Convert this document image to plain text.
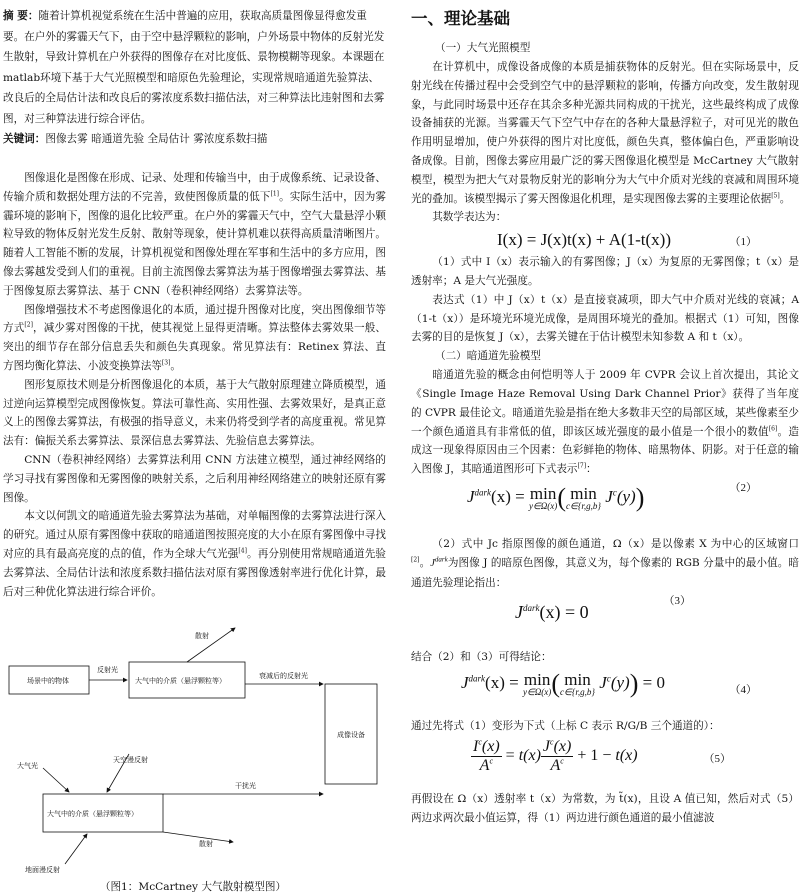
摘 要：随着计算机视觉系统在生活中普遍的应用，获取高质量图像显得愈发重要。在户外的雾霾天气下，由于空中悬浮颗粒的影响，户外场景中物体的反射光发生散射，导致计算机在户外获得的图像存在对比度低、景物模糊等现象。本课题在matlab环境下基于大气光照模型和暗原色先验理论，实现常规暗通道先验算法、改良后的全局估计法和改良后的雾浓度系数扫描估法，对三种算法比违射图和去雾图，对三种算法进行综合评估。

关键词：图像去雾 暗通道先验 全局估计 雾浓度系数扫描

图像退化是图像在形成、记录、处理和传输当中，由于成像系统、记录设备、传输介质和数据处理方法的不完善，致使图像质量的低下[1]。实际生活中，因为雾霾环境的影响下，图像的退化比较严重。在户外的雾霾天气中，空气大量悬浮小颗粒导致的物体反射光发生反射、散射等现象，使计算机难以获得高质量清晰图片。随着人工智能不断的发展，计算机视觉和图像处理在军事和生活中的多方应用，图像去雾越发受到人们的重视。目前主流图像去雾算法为基于图像增强去雾算法、基于图像复原去雾算法、基于 CNN（卷积神经网络）去雾算法等。

图像增强技术不考虑图像退化的本质，通过提升图像对比度，突出图像细节等方式[2]，减少雾对图像的干扰，使其视觉上显得更清晰。算法整体去雾效果一般、突出的细节存在部分信息丢失和颜色失真现象。常见算法有：Retinex 算法、直方图均衡化算法、小波变换算法等[3]。

图形复原技术则是分析图像退化的本质，基于大气散射原理建立降质模型，通过逆向运算模型完成图像恢复。算法可靠性高、实用性强、去雾效果好，是真正意义上的图像去雾算法，有极强的指导意义，未来仍将受到学者的高度重视。常见算法有：偏振关系去雾算法、景深信息去雾算法、先验信息去雾算法。

CNN（卷积神经网络）去雾算法利用 CNN 方法建立模型，通过神经网络的学习寻找有雾图像和无雾图像的映射关系，之后利用神经网络建立的映射还原有雾图像。

本文以何凯文的暗通道先验去雾算法为基础，对单幅图像的去雾算法进行深入的研究。通过从原有雾图像中获取的暗通道图按照亮度的大小在原有雾图像中寻找对应的具有最高亮度的点的值，作为全球大气光强[4]。再分别使用常规暗通道先验去雾算法、全局估计法和浓度系数扫描估法对原有雾图像透射率进行优化计算，最后对三种优化算法进行综合评价。

散射
反射光
场景中的物体	大气中的介质（悬浮颗粒等）
衰减后的反射光
成像设备
天空漫反射
大气光
大气中的介质（悬浮颗粒等）
干扰光
散射
地面漫反射
（图1：McCartney 大气散射模型图）
一、理论基础
（一）大气光照模型

在计算机中，成像设备成像的本质是捕获物体的反射光。但在实际场景中，反射光线在传播过程中会受到空气中的悬浮颗粒的影响，传播方向改变，发生散射现象，与此同时场景中还存在其余多种光源共同构成的干扰光，这些最终构成了成像设备捕获的光源。当雾霾天气下空气中存在的各种大量悬浮粒子，对可见光的散色作用明显增加，使户外获得的图片对比度低，颜色失真，整体偏白色，严重影响设备成像。目前，图像去雾应用最广泛的雾天图像退化模型是 McCartney 大气散射模型，模型为把大气对景物反射光的影响分为大气中介质对光线的衰减和周围环境光的叠加。该模型揭示了雾天图像退化机理，是实现图像去雾的主要理论依据[5]。

其数学表达为：

I(x) = J(x)t(x) + A(1-t(x))	（1）

（1）式中 I（x）表示输入的有雾图像；J（x）为复原的无雾图像；t（x）是透射率；A 是大气光强度。

表达式（1）中 J（x）t（x）是直接衰减项，即大气中介质对光线的衰减；A（1-t（x））是环境光环境光成像，是周围环境光的叠加。根据式（1）可知，图像去雾的目的是恢复 J（x），去雾关键在于估计模型未知参数 A 和 t（x）。

（二）暗通道先验模型

暗通道先验的概念由何恺明等人于 2009 年 CVPR 会议上首次提出，其论文《Single Image Haze Removal Using Dark Channel Prior》获得了当年度的 CVPR 最佳论文。暗通道先验是指在绝大多数非天空的局部区域，某些像素至少一个颜色通道具有非常低的值，即该区域光强度的最小值是一个很小的数值[6]。造成这一现象得原因由三个因素：色彩鲜艳的物体、暗黑物体、阴影。对于任意的输入图像 J，其暗通道图形可下式表示[7]：

$J^{dark}(x) = \min$
y∈Ω(x) ( min
c∈{r,g,b}
$J^c(y)$)	（2）

（2）式中 Jc 指原图像的颜色通道，Ω（x）是以像素 X 为中心的区域窗口[2]。$J^{dark}$为图像 J 的暗原色图像，其意义为，每个像素的 RGB 分量中的最小值。暗通道先验理论指出：

$J^{dark}(x) = 0$
（3）

结合（2）和（3）可得结论：

$J^{dark}(x) = \min$
y∈Ω(x) ( min
c∈{r,g,b}
$J^c(y)) = 0$	（4）

通过先将式（1）变形为下式（上标 C 表示 R/G/B 三个通道的）：

$\frac{I^c(x)}{A^c} = t(x) \frac{J^c(x)}{A^c} + 1 - t(x)$	（5）

再假设在 Ω（x）透射率 t（x）为常数，为 t̃(x)，且设 A 值已知，然后对式（5）两边求两次最小值运算，得（1）两边进行颜色通道的最小值滤波
